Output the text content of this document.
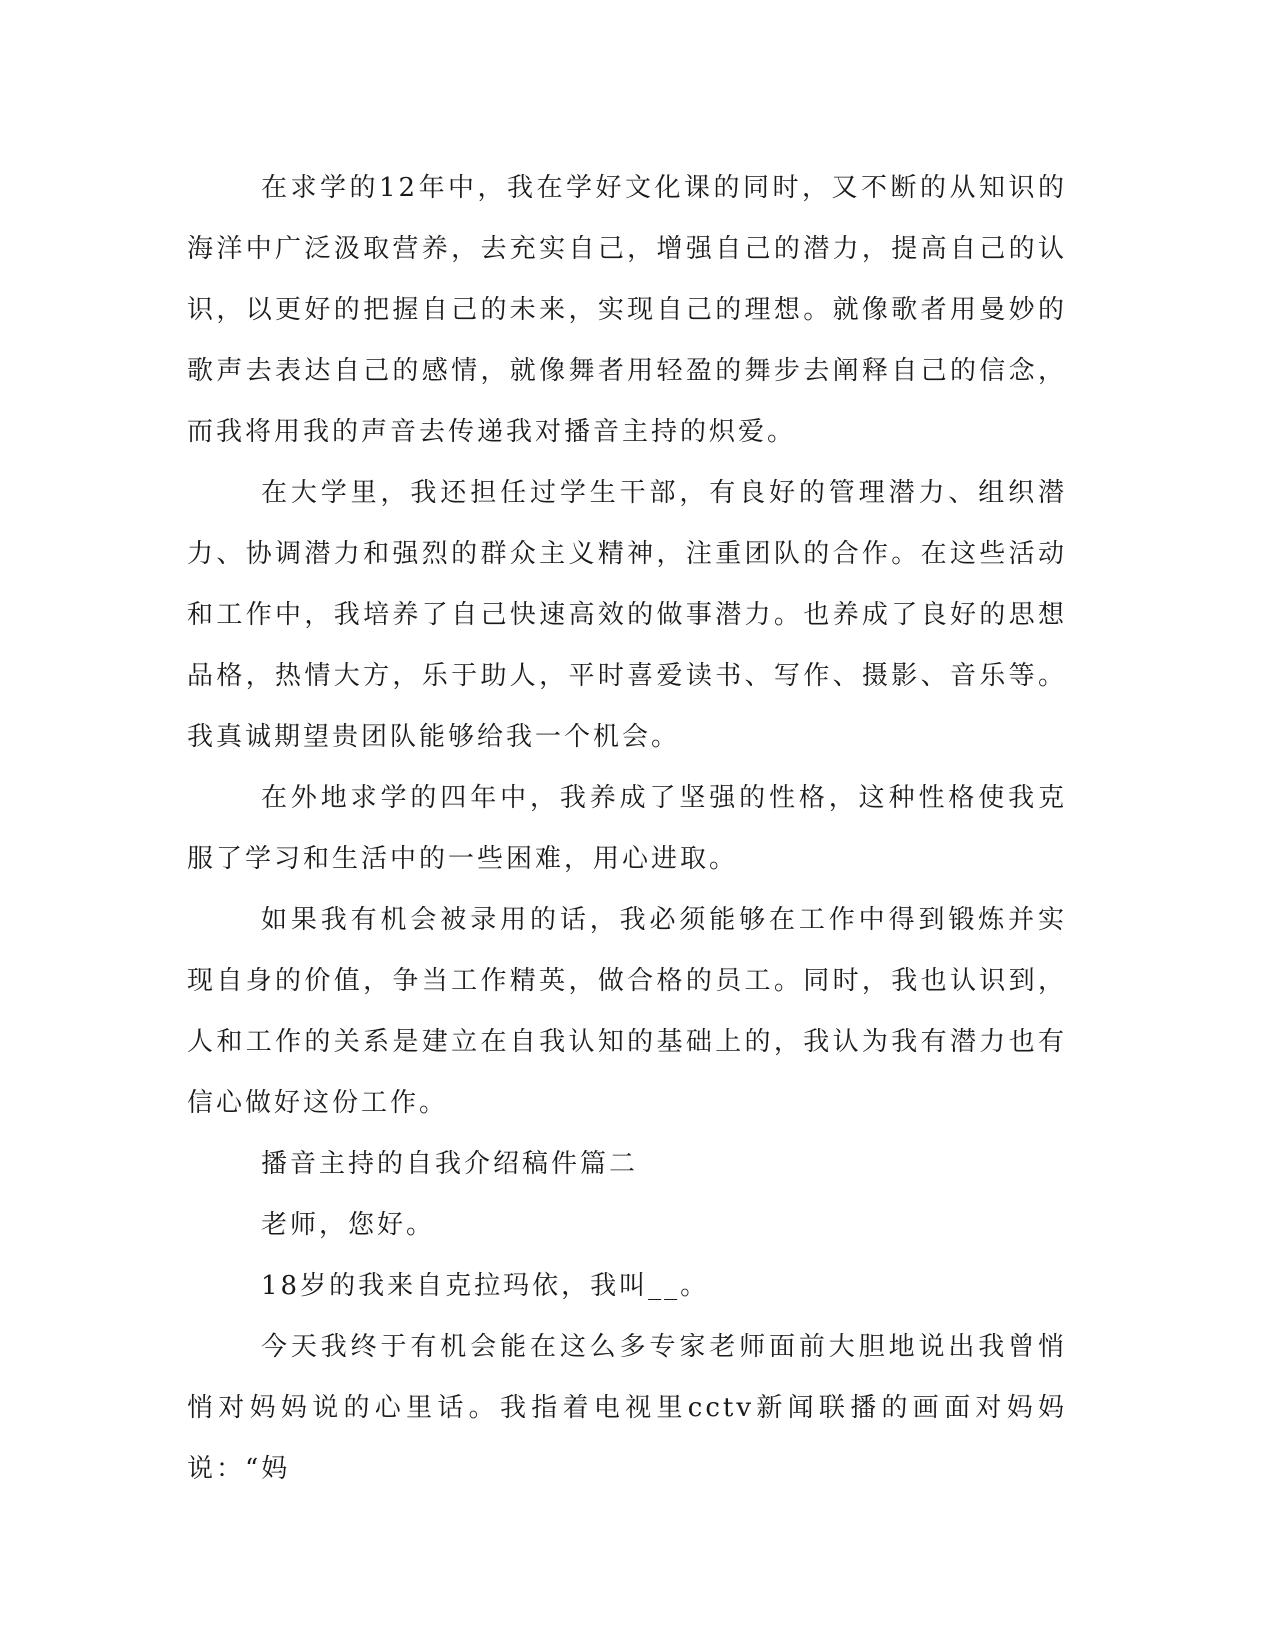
在求学的12年中，我在学好文化课的同时，又不断的从知识的海洋中广泛汲取营养，去充实自己，增强自己的潜力，提高自己的认识，以更好的把握自己的未来，实现自己的理想。就像歌者用曼妙的歌声去表达自己的感情，就像舞者用轻盈的舞步去阐释自己的信念，而我将用我的声音去传递我对播音主持的炽爱。

在大学里，我还担任过学生干部，有良好的管理潜力、组织潜力、协调潜力和强烈的群众主义精神，注重团队的合作。在这些活动和工作中，我培养了自己快速高效的做事潜力。也养成了良好的思想品格，热情大方，乐于助人，平时喜爱读书、写作、摄影、音乐等。我真诚期望贵团队能够给我一个机会。

在外地求学的四年中，我养成了坚强的性格，这种性格使我克服了学习和生活中的一些困难，用心进取。

如果我有机会被录用的话，我必须能够在工作中得到锻炼并实现自身的价值，争当工作精英，做合格的员工。同时，我也认识到，人和工作的关系是建立在自我认知的基础上的，我认为我有潜力也有信心做好这份工作。

播音主持的自我介绍稿件篇二

老师，您好。

18岁的我来自克拉玛依，我叫__。

今天我终于有机会能在这么多专家老师面前大胆地说出我曾悄悄对妈妈说的心里话。我指着电视里cctv新闻联播的画面对妈妈说：“妈
